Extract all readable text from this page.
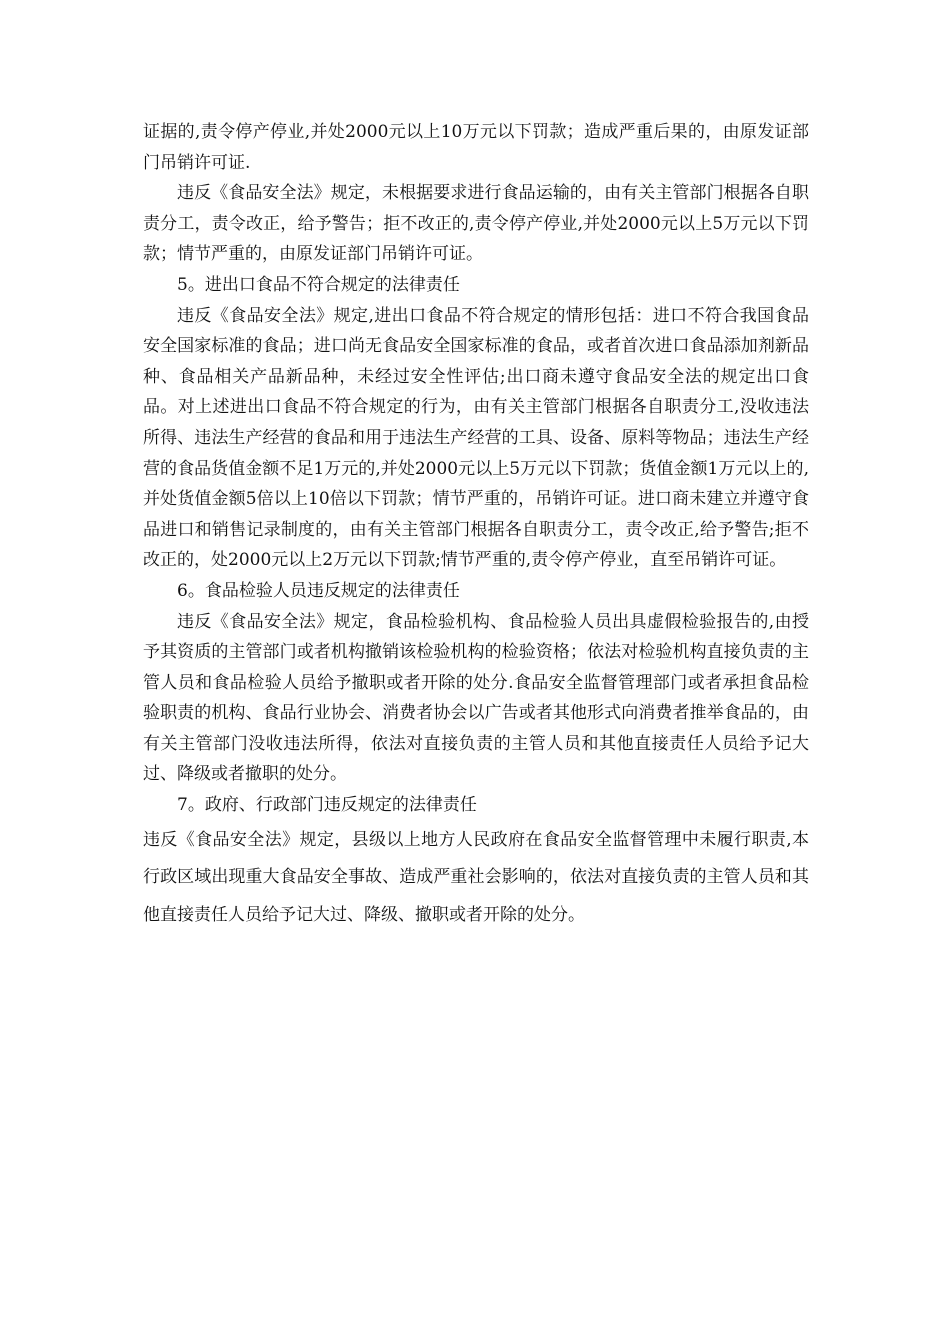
证据的,责令停产停业,并处2000元以上10万元以下罚款；造成严重后果的，由原发证部门吊销许可证.

违反《食品安全法》规定，未根据要求进行食品运输的，由有关主管部门根据各自职责分工，责令改正，给予警告；拒不改正的,责令停产停业,并处2000元以上5万元以下罚款；情节严重的，由原发证部门吊销许可证。

5。进出口食品不符合规定的法律责任

违反《食品安全法》规定,进出口食品不符合规定的情形包括：进口不符合我国食品安全国家标准的食品；进口尚无食品安全国家标准的食品，或者首次进口食品添加剂新品种、食品相关产品新品种，未经过安全性评估;出口商未遵守食品安全法的规定出口食品。对上述进出口食品不符合规定的行为，由有关主管部门根据各自职责分工,没收违法所得、违法生产经营的食品和用于违法生产经营的工具、设备、原料等物品；违法生产经营的食品货值金额不足1万元的,并处2000元以上5万元以下罚款；货值金额1万元以上的,并处货值金额5倍以上10倍以下罚款；情节严重的，吊销许可证。进口商未建立并遵守食品进口和销售记录制度的，由有关主管部门根据各自职责分工，责令改正,给予警告;拒不改正的，处2000元以上2万元以下罚款;情节严重的,责令停产停业，直至吊销许可证。

6。食品检验人员违反规定的法律责任

违反《食品安全法》规定，食品检验机构、食品检验人员出具虚假检验报告的,由授予其资质的主管部门或者机构撤销该检验机构的检验资格；依法对检验机构直接负责的主管人员和食品检验人员给予撤职或者开除的处分.食品安全监督管理部门或者承担食品检验职责的机构、食品行业协会、消费者协会以广告或者其他形式向消费者推举食品的，由有关主管部门没收违法所得，依法对直接负责的主管人员和其他直接责任人员给予记大过、降级或者撤职的处分。

7。政府、行政部门违反规定的法律责任

违反《食品安全法》规定，县级以上地方人民政府在食品安全监督管理中未履行职责,本行政区域出现重大食品安全事故、造成严重社会影响的，依法对直接负责的主管人员和其他直接责任人员给予记大过、降级、撤职或者开除的处分。
